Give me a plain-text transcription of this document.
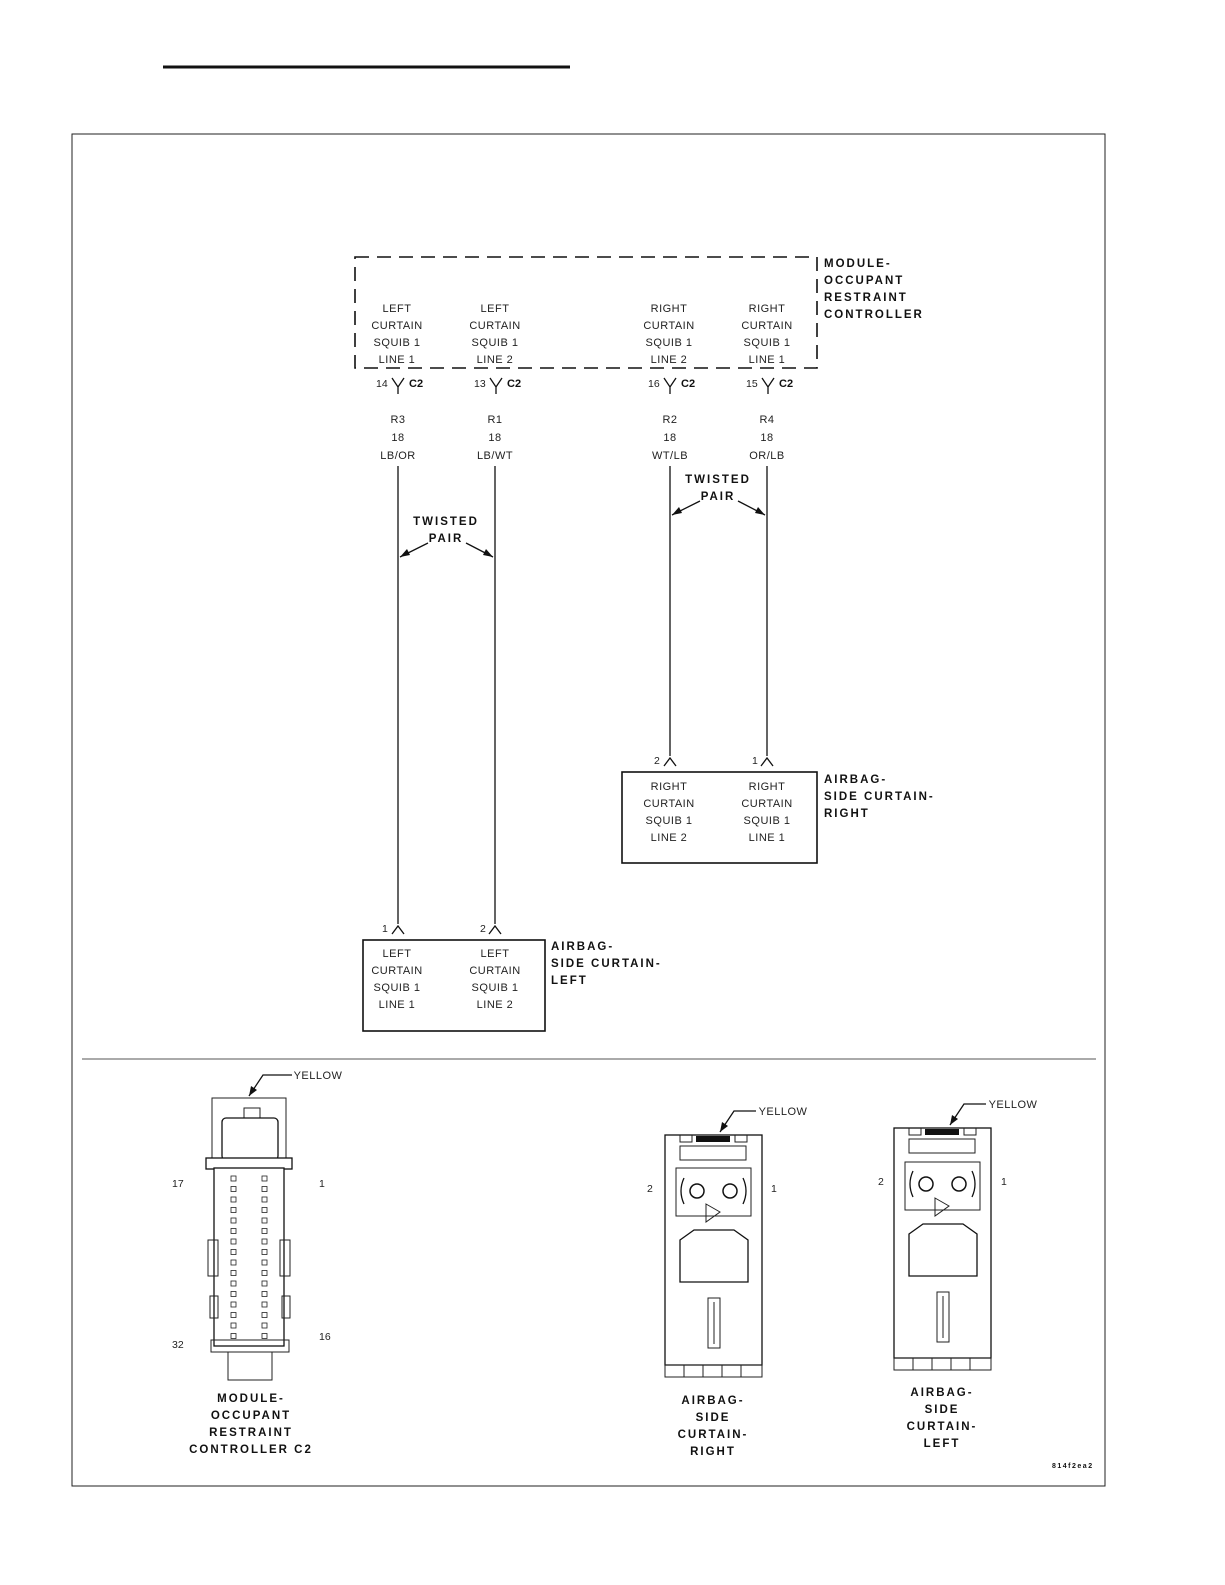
MODULE-
OCCUPANT
RESTRAINT
CONTROLLER
LEFT
CURTAIN
SQUIB 1
LINE 1
LEFT
CURTAIN
SQUIB 1
LINE 2
RIGHT
CURTAIN
SQUIB 1
LINE 2
RIGHT
CURTAIN
SQUIB 1
LINE 1
14 C2	13 C2	16 C2	15 C2
R3
18
LB/OR
R1
18
LB/WT
R2
18
WT/LB
R4
18
OR/LB
TWISTED
PAIR
TWISTED
PAIR
2	1
RIGHT
CURTAIN
SQUIB 1
LINE 2
RIGHT
CURTAIN
SQUIB 1
LINE 1
AIRBAG-
SIDE CURTAIN-
RIGHT
1	2
LEFT
CURTAIN
SQUIB 1
LINE 1
LEFT
CURTAIN
SQUIB 1
LINE 2
AIRBAG-
SIDE CURTAIN-
LEFT
YELLOW
17	1
32
16
MODULE-
OCCUPANT
RESTRAINT
CONTROLLER C2
YELLOW
2	1
AIRBAG-
SIDE
CURTAIN-
RIGHT
YELLOW
2	1
AIRBAG-
SIDE
CURTAIN-
LEFT
814f2ea2
